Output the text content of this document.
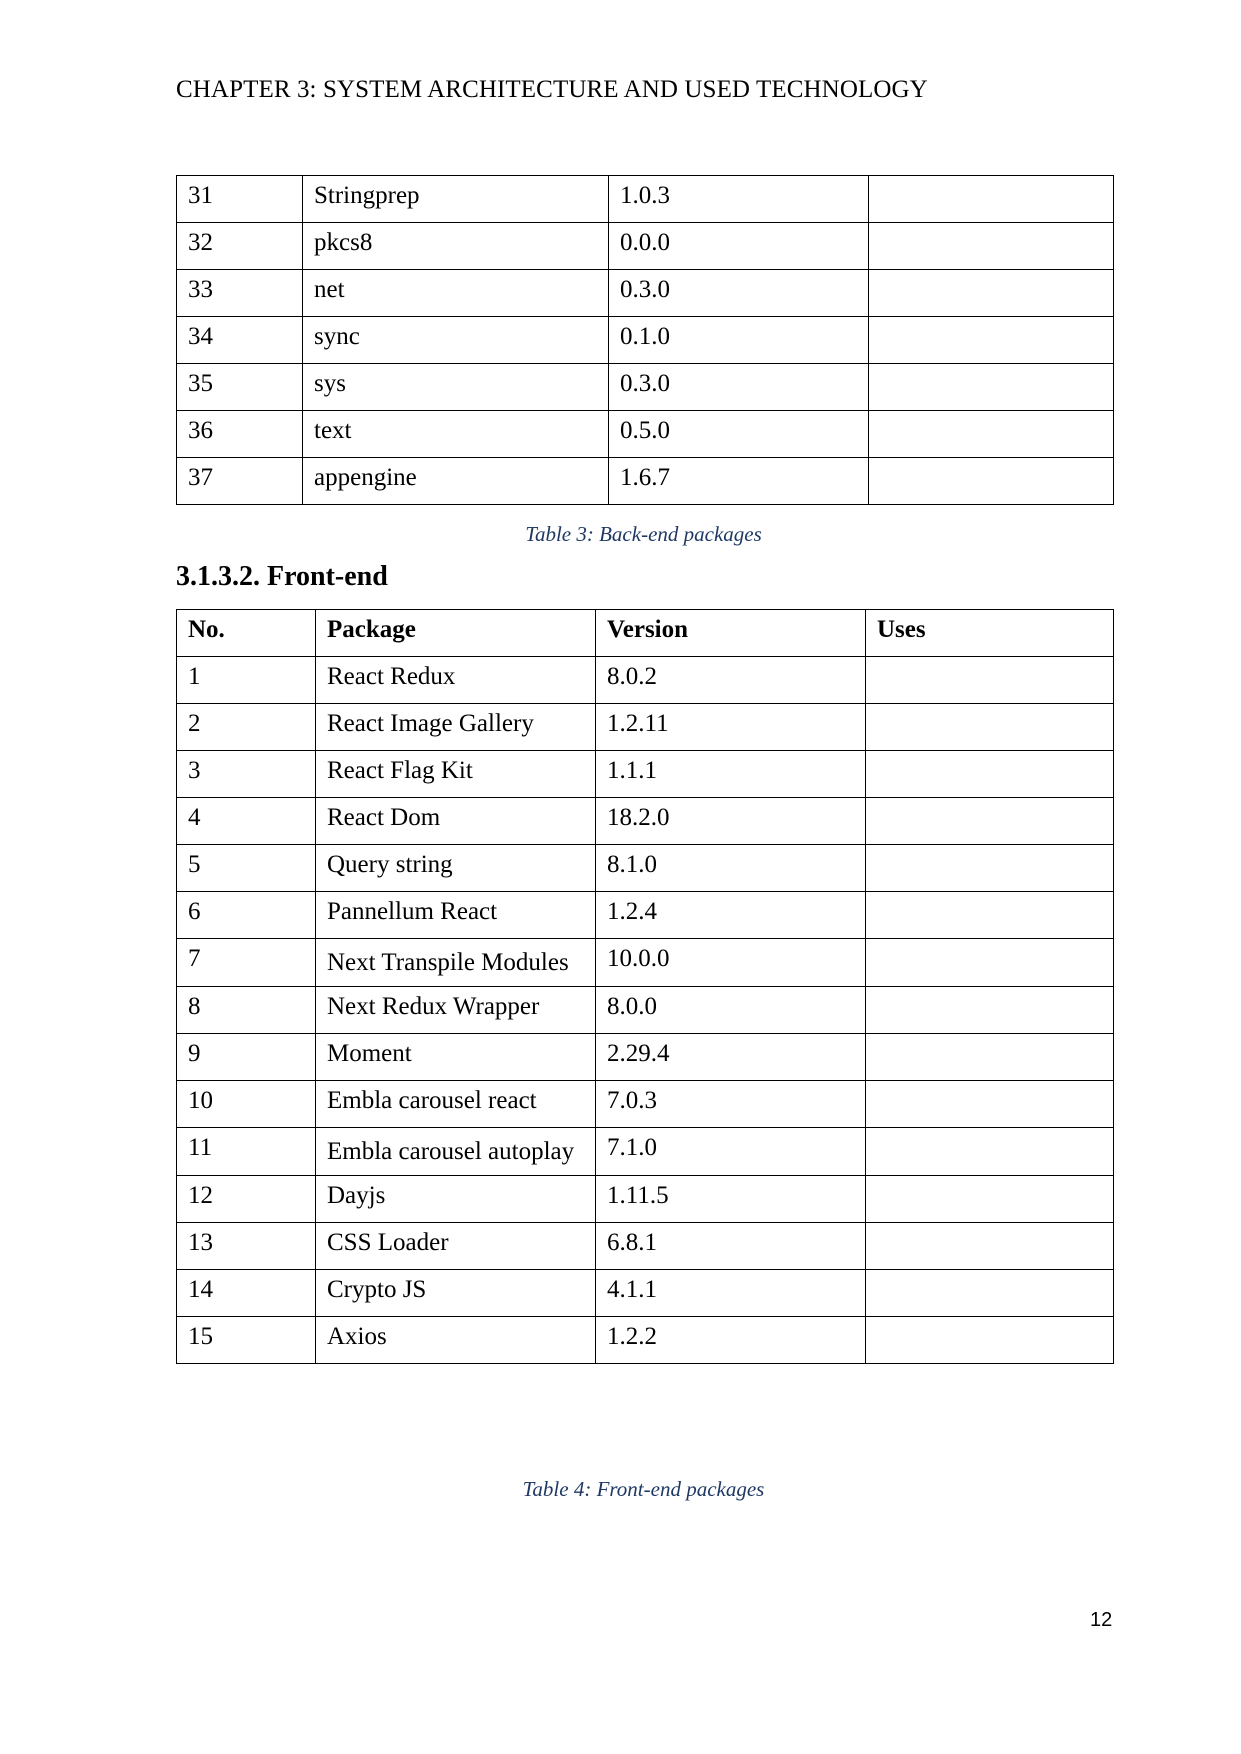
CHAPTER 3: SYSTEM ARCHITECTURE AND USED TECHNOLOGY
31	Stringprep	1.0.3	
32	pkcs8	0.0.0	
33	net	0.3.0	
34	sync	0.1.0	
35	sys	0.3.0	
36	text	0.5.0	
37	appengine	1.6.7	
Table 3: Back-end packages
3.1.3.2. Front-end
No.	Package	Version	Uses
1	React Redux	8.0.2	
2	React Image Gallery	1.2.11	
3	React Flag Kit	1.1.1	
4	React Dom	18.2.0	
5	Query string	8.1.0	
6	Pannellum React	1.2.4	
7	Next Transpile Modules	10.0.0	
8	Next Redux Wrapper	8.0.0	
9	Moment	2.29.4	
10	Embla carousel react	7.0.3	
11	Embla carousel autoplay	7.1.0	
12	Dayjs	1.11.5	
13	CSS Loader	6.8.1	
14	Crypto JS	4.1.1	
15	Axios	1.2.2	
Table 4: Front-end packages
12
